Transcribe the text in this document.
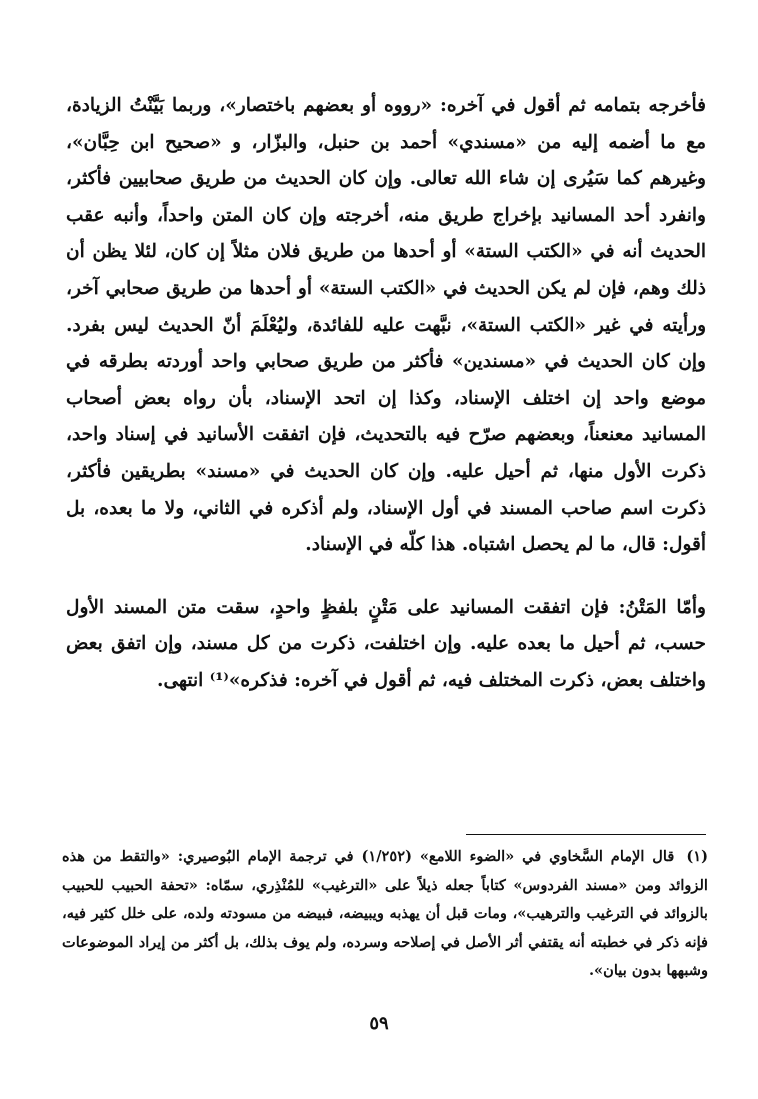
فأخرجه بتمامه ثم أقول في آخره: «رووه أو بعضهم باختصار»، وربما بَيَّنْتُ الزيادة، مع ما أضمه إليه من «مسندي» أحمد بن حنبل، والبزّار، و «صحيح ابن حِبَّان»، وغيرهم كما سَيُرى إن شاء الله تعالى. وإن كان الحديث من طريق صحابيين فأكثر، وانفرد أحد المسانيد بإخراج طريق منه، أخرجته وإن كان المتن واحداً، وأنبه عقب الحديث أنه في «الكتب الستة» أو أحدها من طريق فلان مثلاً إن كان، لئلا يظن أن ذلك وهم، فإن لم يكن الحديث في «الكتب الستة» أو أحدها من طريق صحابي آخر، ورأيته في غير «الكتب الستة»، نبَّهت عليه للفائدة، وليُعْلَمَ أنّ الحديث ليس بفرد. وإن كان الحديث في «مسندين» فأكثر من طريق صحابي واحد أوردته بطرقه في موضع واحد إن اختلف الإسناد، وكذا إن اتحد الإسناد، بأن رواه بعض أصحاب المسانيد معنعناً، وبعضهم صرّح فيه بالتحديث، فإن اتفقت الأسانيد في إسناد واحد، ذكرت الأول منها، ثم أحيل عليه. وإن كان الحديث في «مسند» بطريقين فأكثر، ذكرت اسم صاحب المسند في أول الإسناد، ولم أذكره في الثاني، ولا ما بعده، بل أقول: قال، ما لم يحصل اشتباه. هذا كلّه في الإسناد.

وأمّا المَتْنُ: فإن اتفقت المسانيد على مَتْنٍ بلفظٍ واحدٍ، سقت متن المسند الأول حسب، ثم أحيل ما بعده عليه. وإن اختلفت، ذكرت من كل مسند، وإن اتفق بعض واختلف بعض، ذكرت المختلف فيه، ثم أقول في آخره: فذكره»⁽¹⁾ انتهى.

(١)قال الإمام السَّخاوي في «الضوء اللامع» (١/٢٥٢) في ترجمة الإمام البُوصيري: «والتقط من هذه الزوائد ومن «مسند الفردوس» كتاباً جعله ذيلاً على «الترغيب» للمُنْذِري، سمّاه: «تحفة الحبيب للحبيب بالزوائد في الترغيب والترهيب»، ومات قبل أن يهذبه ويبيضه، فبيضه من مسودته ولده، على خلل كثير فيه، فإنه ذكر في خطبته أنه يقتفي أثر الأصل في إصلاحه وسرده، ولم يوف بذلك، بل أكثر من إيراد الموضوعات وشبهها بدون بيان».

٥٩
